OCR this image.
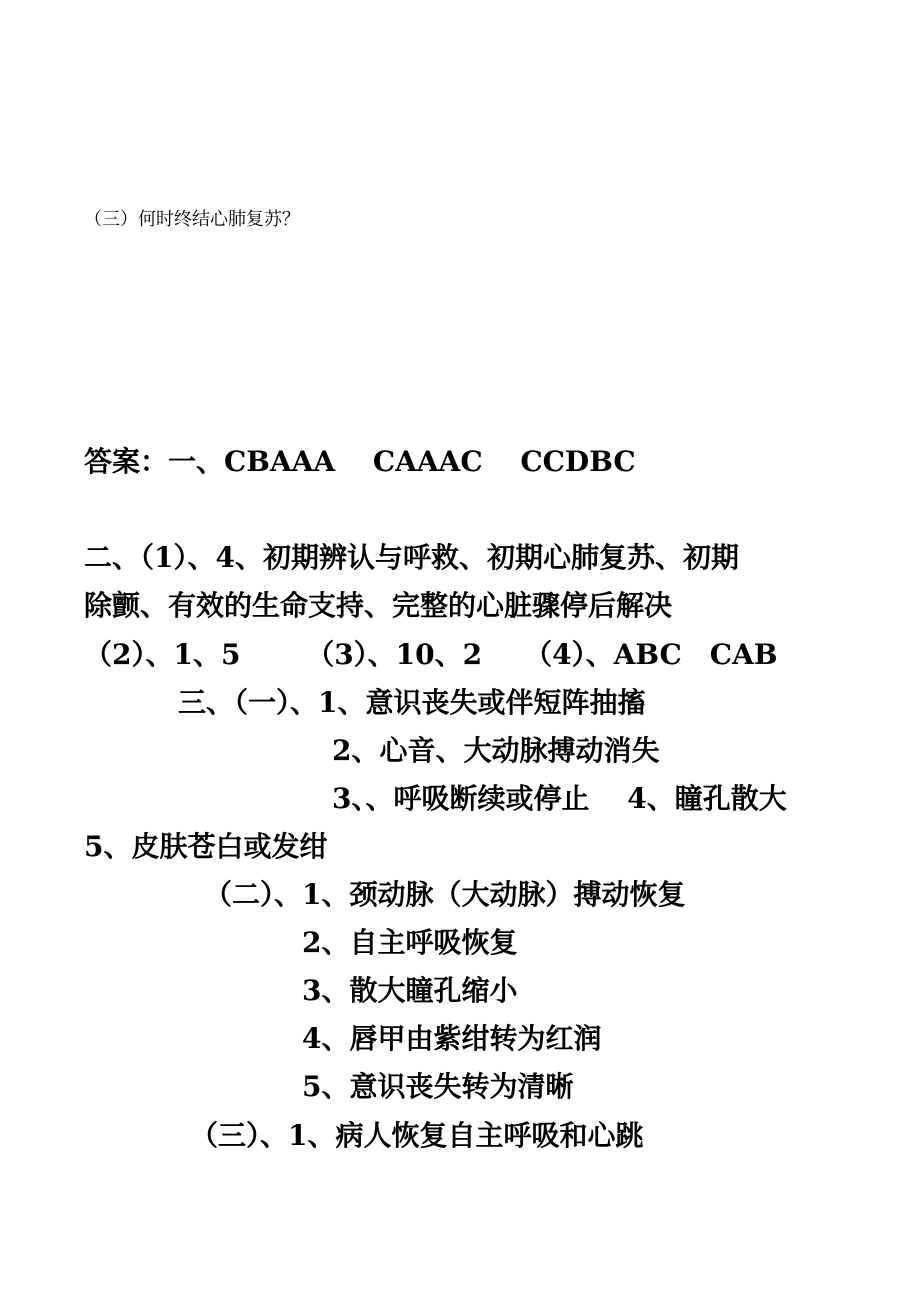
（三）何时终结心肺复苏？

答案：一、CBAAA　 CAAAC　 CCDBC

二、（1）、4、初期辨认与呼救、初期心肺复苏、初期

除颤、有效的生命支持、完整的心脏骤停后解决

（2）、1、5　　 （3）、10、2　　（4）、ABC　CAB

三、（一）、1、意识丧失或伴短阵抽搐

2、心音、大动脉搏动消失

3、、呼吸断续或停止　 4、瞳孔散大

5、皮肤苍白或发绀

（二）、1、颈动脉（大动脉）搏动恢复

2、自主呼吸恢复

3、散大瞳孔缩小

4、唇甲由紫绀转为红润

5、意识丧失转为清晰

（三）、1、病人恢复自主呼吸和心跳
